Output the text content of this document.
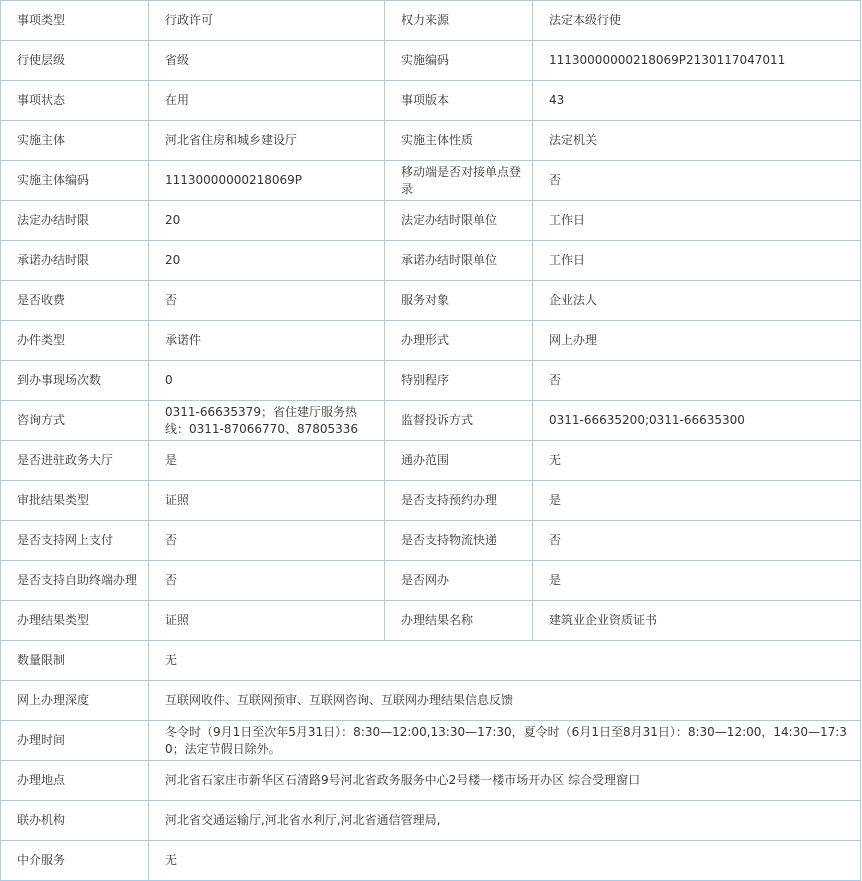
事项类型	行政许可	权力来源	法定本级行使
行使层级	省级	实施编码	11130000000218069P2130117047011
事项状态	在用	事项版本	43
实施主体	河北省住房和城乡建设厅	实施主体性质	法定机关
实施主体编码	11130000000218069P	移动端是否对接单点登录	否
法定办结时限	20	法定办结时限单位	工作日
承诺办结时限	20	承诺办结时限单位	工作日
是否收费	否	服务对象	企业法人
办件类型	承诺件	办理形式	网上办理
到办事现场次数	0	特别程序	否
咨询方式	0311-66635379；省住建厅服务热线：0311-87066770、87805336	监督投诉方式	0311-66635200;0311-66635300
是否进驻政务大厅	是	通办范围	无
审批结果类型	证照	是否支持预约办理	是
是否支持网上支付	否	是否支持物流快递	否
是否支持自助终端办理	否	是否网办	是
办理结果类型	证照	办理结果名称	建筑业企业资质证书
数量限制	无		
网上办理深度	互联网收件、互联网预审、互联网咨询、互联网办理结果信息反馈		
办理时间	冬令时（9月1日至次年5月31日）：8:30—12:00,13:30—17:30，夏令时（6月1日至8月31日）：8:30—12:00，14:30—17:30；法定节假日除外。		
办理地点	河北省石家庄市新华区石清路9号河北省政务服务中心2号楼一楼市场开办区 综合受理窗口		
联办机构	河北省交通运输厅,河北省水利厅,河北省通信管理局,		
中介服务	无		
